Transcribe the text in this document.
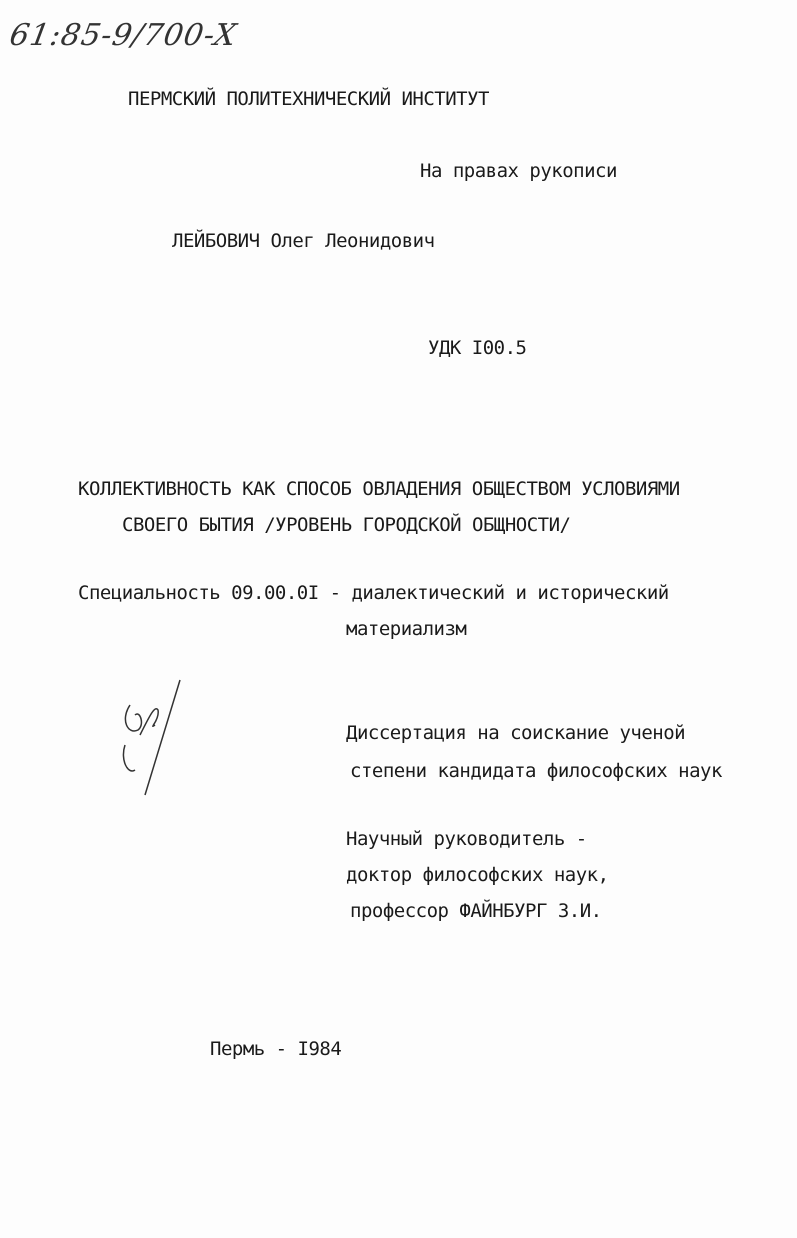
61:85-9/700-X
ПЕРМСКИЙ ПОЛИТЕХНИЧЕСКИЙ ИНСТИТУТ
На правах рукописи
ЛЕЙБОВИЧ Олег Леонидович
УДК I00.5
КОЛЛЕКТИВНОСТЬ КАК СПОСОБ ОВЛАДЕНИЯ ОБЩЕСТВОМ УСЛОВИЯМИ
СВОЕГО БЫТИЯ /УРОВЕНЬ ГОРОДСКОЙ ОБЩНОСТИ/
Специальность 09.00.0I - диалектический и исторический
материализм
Диссертация на соискание ученой
степени кандидата философских наук
Научный руководитель -
доктор философских наук,
профессор ФАЙНБУРГ З.И.
Пермь - I984
